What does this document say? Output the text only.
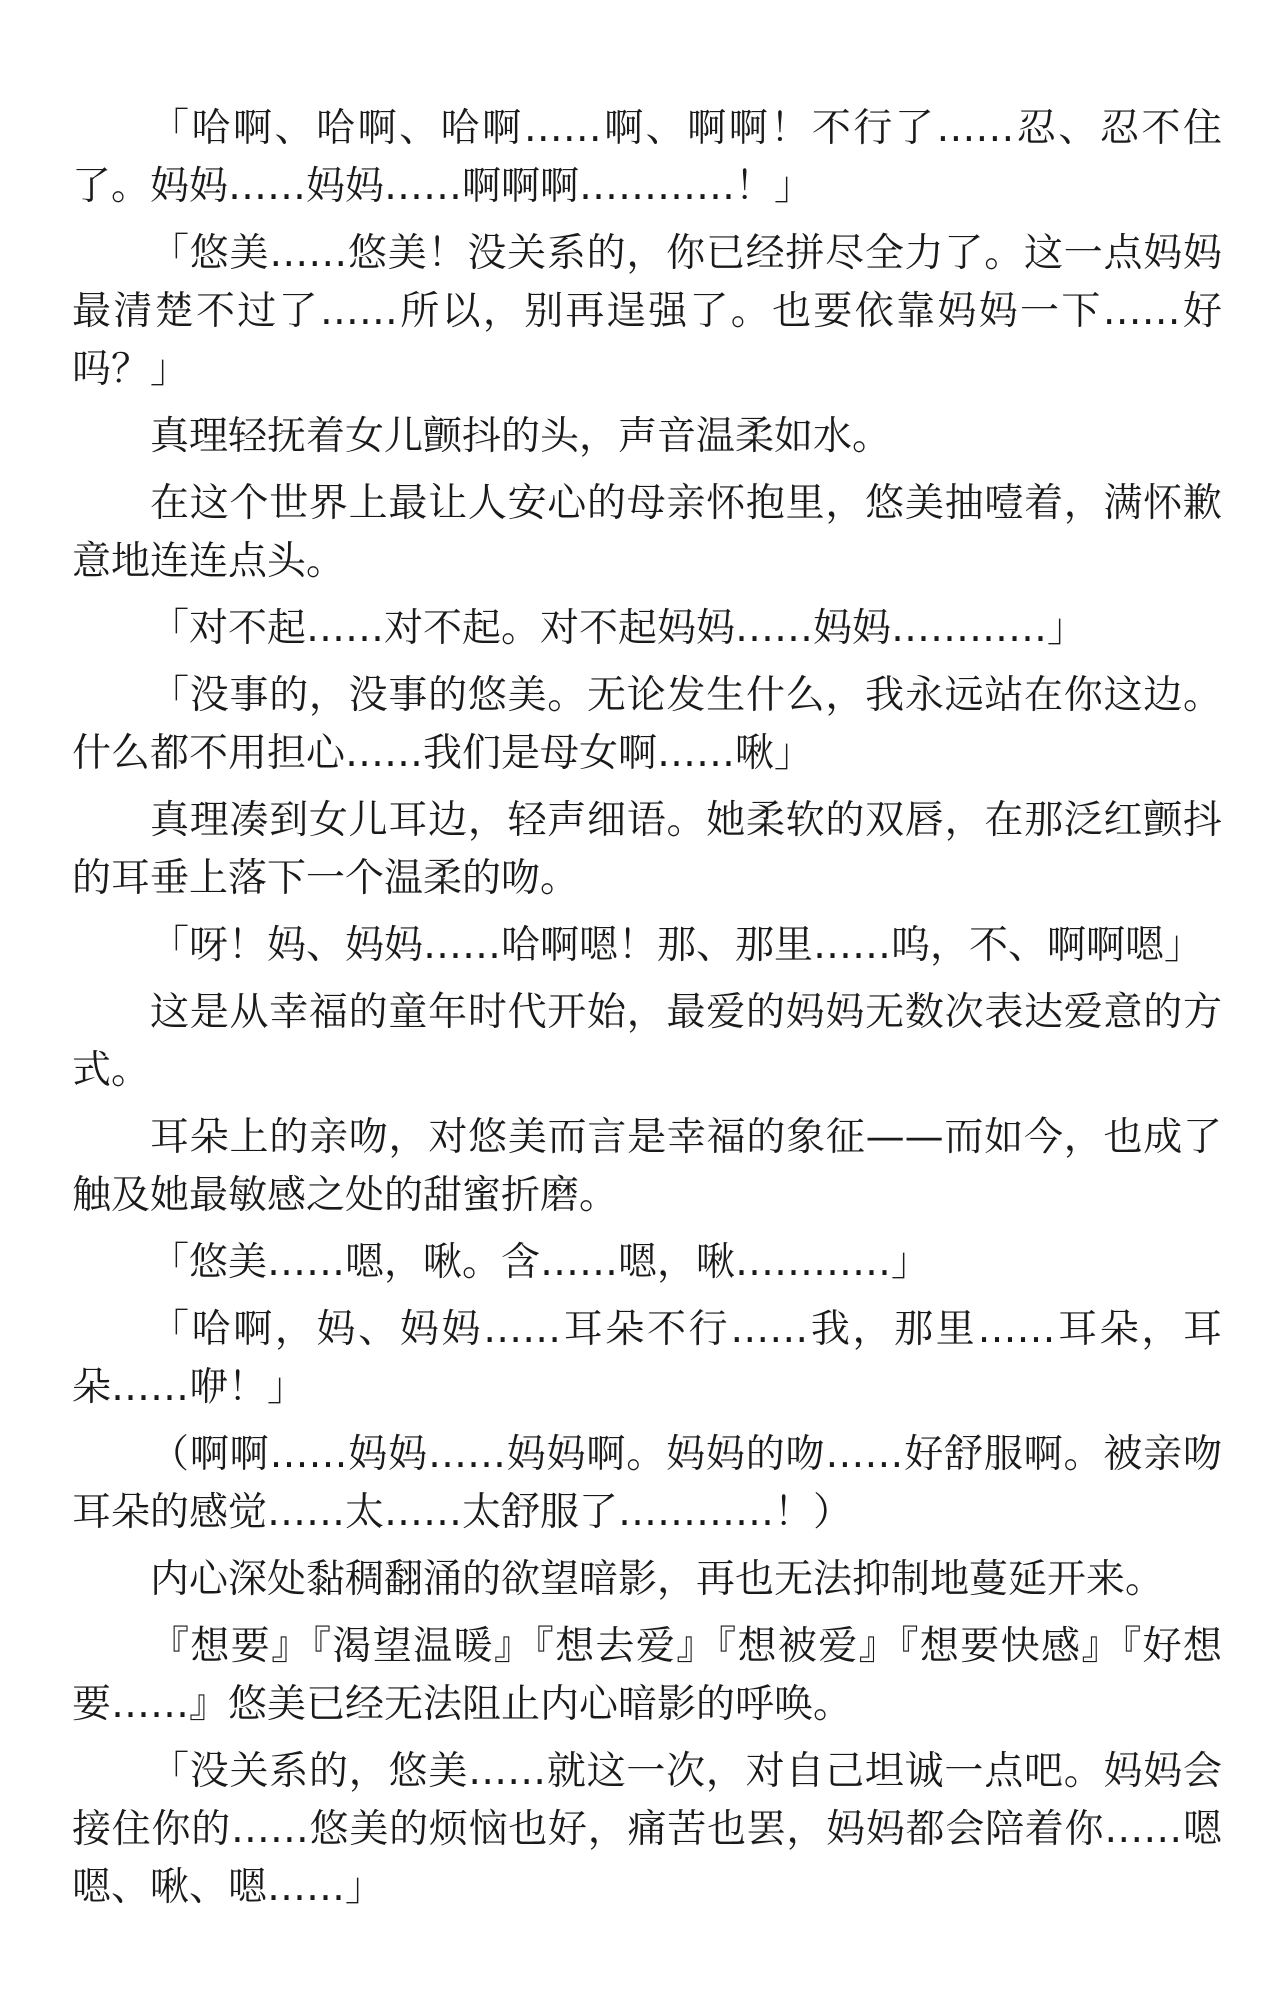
「哈啊、哈啊、哈啊……啊、啊啊！不行了……忍、忍不住了。妈妈……妈妈……啊啊啊…………！」

「悠美……悠美！没关系的，你已经拼尽全力了。这一点妈妈最清楚不过了……所以，别再逞强了。也要依靠妈妈一下……好吗？」

真理轻抚着女儿颤抖的头，声音温柔如水。

在这个世界上最让人安心的母亲怀抱里，悠美抽噎着，满怀歉意地连连点头。

「对不起……对不起。对不起妈妈……妈妈…………」

「没事的，没事的悠美。无论发生什么，我永远站在你这边。什么都不用担心……我们是母女啊……啾」

真理凑到女儿耳边，轻声细语。她柔软的双唇，在那泛红颤抖的耳垂上落下一个温柔的吻。

「呀！妈、妈妈……哈啊嗯！那、那里……呜，不、啊啊嗯」

这是从幸福的童年时代开始，最爱的妈妈无数次表达爱意的方式。

耳朵上的亲吻，对悠美而言是幸福的象征——而如今，也成了触及她最敏感之处的甜蜜折磨。

「悠美……嗯，啾。含……嗯，啾…………」

「哈啊，妈、妈妈……耳朵不行……我，那里……耳朵，耳朵……咿！」

（啊啊……妈妈……妈妈啊。妈妈的吻……好舒服啊。被亲吻耳朵的感觉……太……太舒服了…………！）

内心深处黏稠翻涌的欲望暗影，再也无法抑制地蔓延开来。

『想要』『渴望温暖』『想去爱』『想被爱』『想要快感』『好想要……』悠美已经无法阻止内心暗影的呼唤。

「没关系的，悠美……就这一次，对自己坦诚一点吧。妈妈会接住你的……悠美的烦恼也好，痛苦也罢，妈妈都会陪着你……嗯嗯、啾、嗯……」
